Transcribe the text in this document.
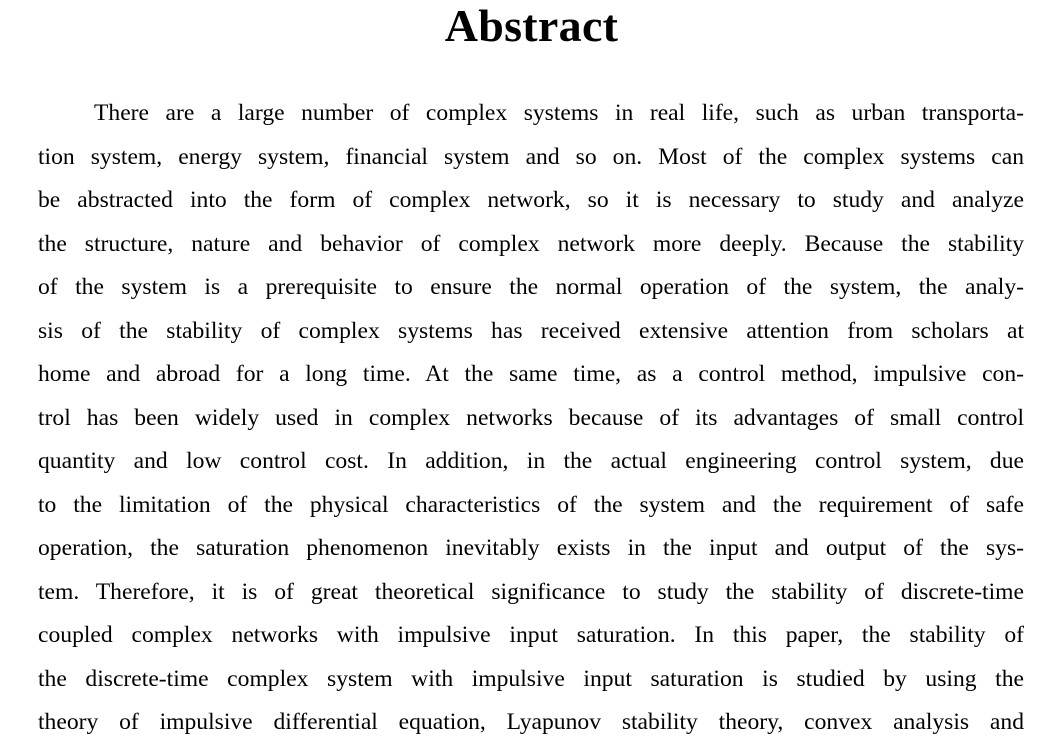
Abstract
There are a large number of complex systems in real life, such as urban transporta-
tion system, energy system, financial system and so on. Most of the complex systems can
be abstracted into the form of complex network, so it is necessary to study and analyze
the structure, nature and behavior of complex network more deeply. Because the stability
of the system is a prerequisite to ensure the normal operation of the system, the analy-
sis of the stability of complex systems has received extensive attention from scholars at
home and abroad for a long time. At the same time, as a control method, impulsive con-
trol has been widely used in complex networks because of its advantages of small control
quantity and low control cost. In addition, in the actual engineering control system, due
to the limitation of the physical characteristics of the system and the requirement of safe
operation, the saturation phenomenon inevitably exists in the input and output of the sys-
tem. Therefore, it is of great theoretical significance to study the stability of discrete-time
coupled complex networks with impulsive input saturation. In this paper, the stability of
the discrete-time complex system with impulsive input saturation is studied by using the
theory of impulsive differential equation, Lyapunov stability theory, convex analysis and
